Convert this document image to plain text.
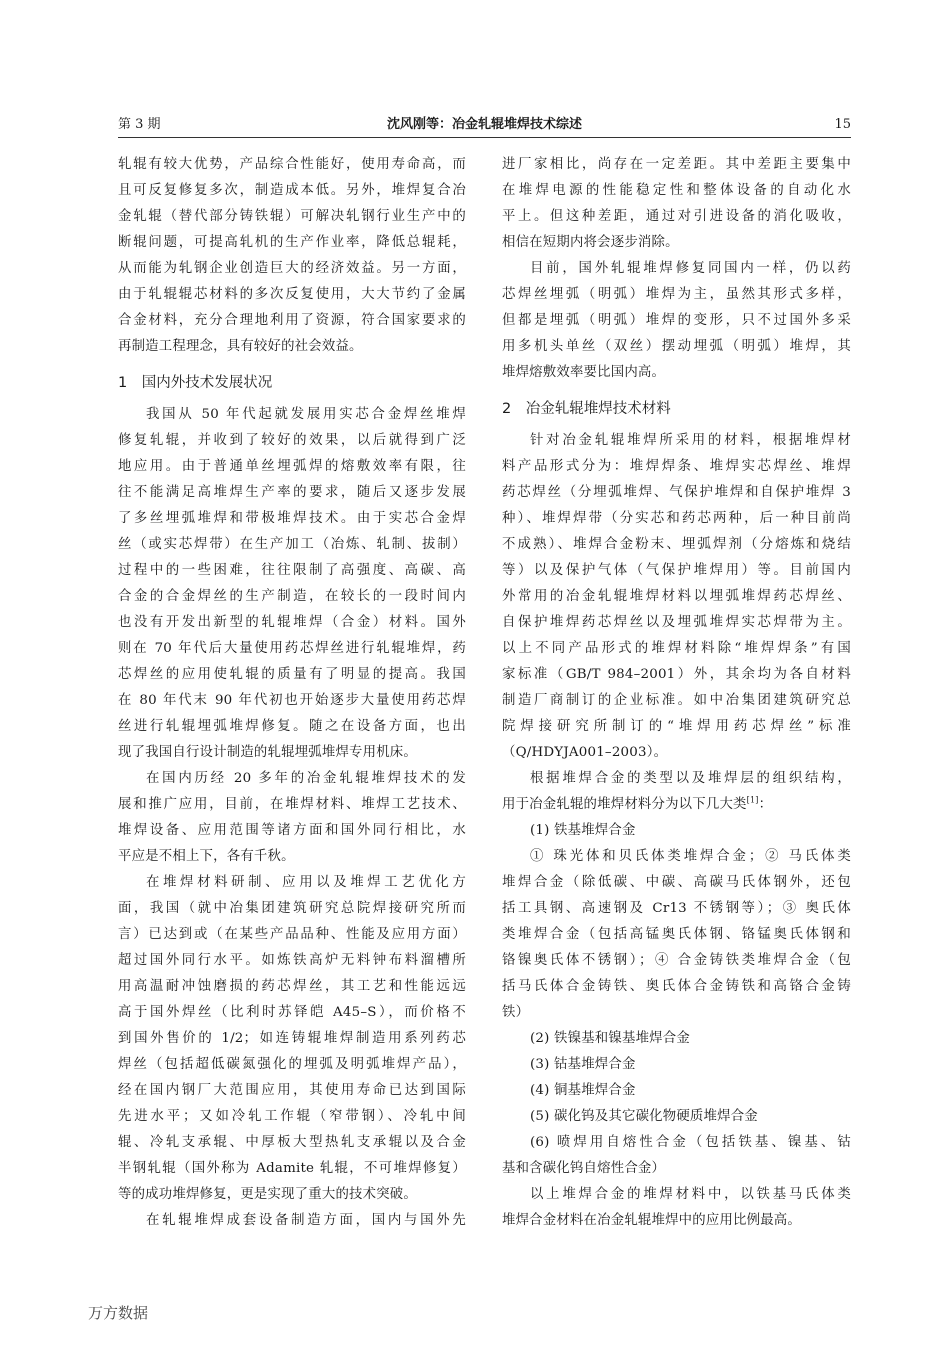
第 3 期	沈风刚等：冶金轧辊堆焊技术综述	15
轧辊有较大优势，产品综合性能好，使用寿命高，而
且可反复修复多次，制造成本低。另外，堆焊复合冶
金轧辊（替代部分铸铁辊）可解决轧钢行业生产中的
断辊问题，可提高轧机的生产作业率，降低总辊耗，
从而能为轧钢企业创造巨大的经济效益。另一方面，
由于轧辊辊芯材料的多次反复使用，大大节约了金属
合金材料，充分合理地利用了资源，符合国家要求的
再制造工程理念，具有较好的社会效益。
1　国内外技术发展状况
我国从 50 年代起就发展用实芯合金焊丝堆焊
修复轧辊，并收到了较好的效果，以后就得到广泛
地应用。由于普通单丝埋弧焊的熔敷效率有限，往
往不能满足高堆焊生产率的要求，随后又逐步发展
了多丝埋弧堆焊和带极堆焊技术。由于实芯合金焊
丝（或实芯焊带）在生产加工（冶炼、轧制、拔制）
过程中的一些困难，往往限制了高强度、高碳、高
合金的合金焊丝的生产制造，在较长的一段时间内
也没有开发出新型的轧辊堆焊（合金）材料。国外
则在 70 年代后大量使用药芯焊丝进行轧辊堆焊，药
芯焊丝的应用使轧辊的质量有了明显的提高。我国
在 80 年代末 90 年代初也开始逐步大量使用药芯焊
丝进行轧辊埋弧堆焊修复。随之在设备方面，也出
现了我国自行设计制造的轧辊埋弧堆焊专用机床。
在国内历经 20 多年的冶金轧辊堆焊技术的发
展和推广应用，目前，在堆焊材料、堆焊工艺技术、
堆焊设备、应用范围等诸方面和国外同行相比，水
平应是不相上下，各有千秋。
在堆焊材料研制、应用以及堆焊工艺优化方
面，我国（就中冶集团建筑研究总院焊接研究所而
言）已达到或（在某些产品品种、性能及应用方面）
超过国外同行水平。如炼铁高炉无料钟布料溜槽所
用高温耐冲蚀磨损的药芯焊丝，其工艺和性能远远
高于国外焊丝（比利时苏铎皑 A45–S），而价格不
到国外售价的 1/2；如连铸辊堆焊制造用系列药芯
焊丝（包括超低碳氮强化的埋弧及明弧堆焊产品），
经在国内钢厂大范围应用，其使用寿命已达到国际
先进水平；又如冷轧工作辊（窄带钢）、冷轧中间
辊、冷轧支承辊、中厚板大型热轧支承辊以及合金
半钢轧辊（国外称为 Adamite 轧辊，不可堆焊修复）
等的成功堆焊修复，更是实现了重大的技术突破。
在轧辊堆焊成套设备制造方面，国内与国外先
进厂家相比，尚存在一定差距。其中差距主要集中
在堆焊电源的性能稳定性和整体设备的自动化水
平上。但这种差距，通过对引进设备的消化吸收，
相信在短期内将会逐步消除。
目前，国外轧辊堆焊修复同国内一样，仍以药
芯焊丝埋弧（明弧）堆焊为主，虽然其形式多样，
但都是埋弧（明弧）堆焊的变形，只不过国外多采
用多机头单丝（双丝）摆动埋弧（明弧）堆焊，其
堆焊熔敷效率要比国内高。
2　冶金轧辊堆焊技术材料
针对冶金轧辊堆焊所采用的材料，根据堆焊材
料产品形式分为：堆焊焊条、堆焊实芯焊丝、堆焊
药芯焊丝（分埋弧堆焊、气保护堆焊和自保护堆焊 3
种）、堆焊焊带（分实芯和药芯两种，后一种目前尚
不成熟）、堆焊合金粉末、埋弧焊剂（分熔炼和烧结
等）以及保护气体（气保护堆焊用）等。目前国内
外常用的冶金轧辊堆焊材料以埋弧堆焊药芯焊丝、
自保护堆焊药芯焊丝以及埋弧堆焊实芯焊带为主。
以上不同产品形式的堆焊材料除“堆焊焊条”有国
家标准（GB/T 984–2001）外，其余均为各自材料
制造厂商制订的企业标准。如中冶集团建筑研究总
院焊接研究所制订的“堆焊用药芯焊丝”标准
（Q/HDYJA001–2003）。
根据堆焊合金的类型以及堆焊层的组织结构，
用于冶金轧辊的堆焊材料分为以下几大类[1]：
(1) 铁基堆焊合金
① 珠光体和贝氏体类堆焊合金；② 马氏体类
堆焊合金（除低碳、中碳、高碳马氏体钢外，还包
括工具钢、高速钢及 Cr13 不锈钢等）；③ 奥氏体
类堆焊合金（包括高锰奥氏体钢、铬锰奥氏体钢和
铬镍奥氏体不锈钢）；④ 合金铸铁类堆焊合金（包
括马氏体合金铸铁、奥氏体合金铸铁和高铬合金铸
铁）
(2) 铁镍基和镍基堆焊合金
(3) 钴基堆焊合金
(4) 铜基堆焊合金
(5) 碳化钨及其它碳化物硬质堆焊合金
(6) 喷焊用自熔性合金（包括铁基、镍基、钴
基和含碳化钨自熔性合金）
以上堆焊合金的堆焊材料中，以铁基马氏体类
堆焊合金材料在冶金轧辊堆焊中的应用比例最高。
万方数据
